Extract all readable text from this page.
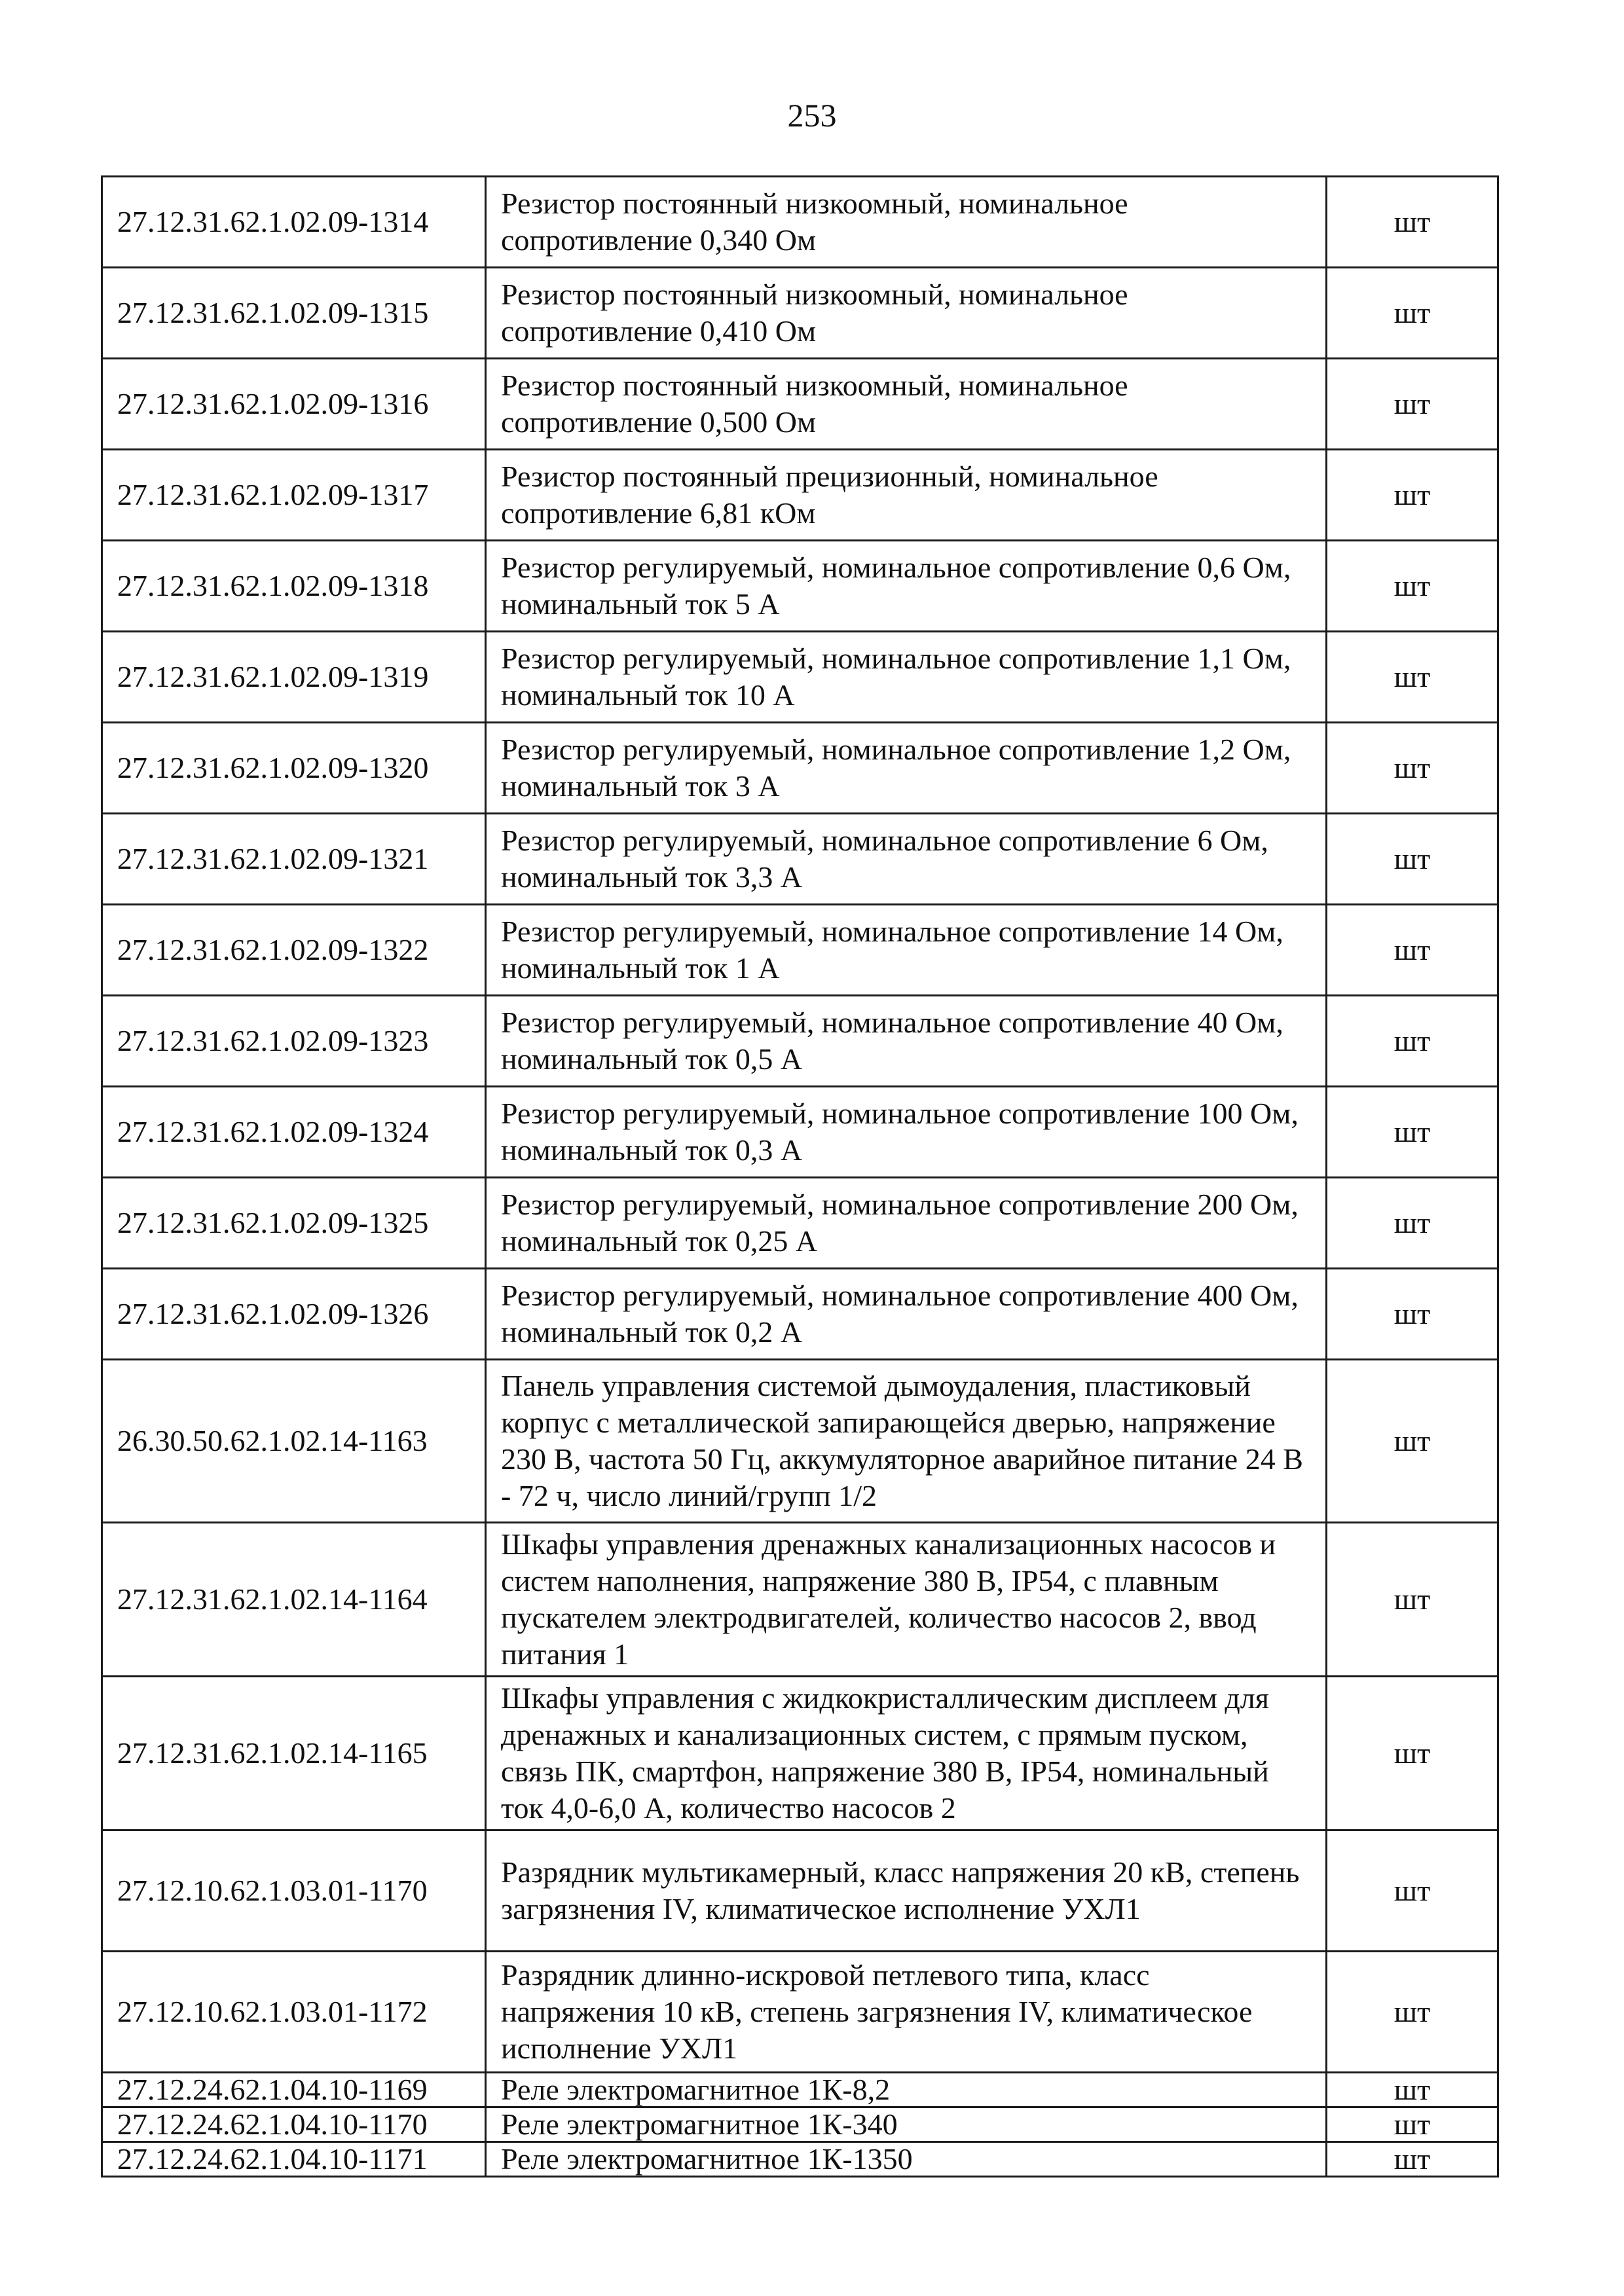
253
27.12.31.62.1.02.09-1314	Резистор постоянный низкоомный, номинальное сопротивление 0,340 Ом	шт
27.12.31.62.1.02.09-1315	Резистор постоянный низкоомный, номинальное сопротивление 0,410 Ом	шт
27.12.31.62.1.02.09-1316	Резистор постоянный низкоомный, номинальное сопротивление 0,500 Ом	шт
27.12.31.62.1.02.09-1317	Резистор постоянный прецизионный, номинальное сопротивление 6,81 кОм	шт
27.12.31.62.1.02.09-1318	Резистор регулируемый, номинальное сопротивление 0,6 Ом, номинальный ток 5 А	шт
27.12.31.62.1.02.09-1319	Резистор регулируемый, номинальное сопротивление 1,1 Ом, номинальный ток 10 А	шт
27.12.31.62.1.02.09-1320	Резистор регулируемый, номинальное сопротивление 1,2 Ом, номинальный ток 3 А	шт
27.12.31.62.1.02.09-1321	Резистор регулируемый, номинальное сопротивление 6 Ом, номинальный ток 3,3 А	шт
27.12.31.62.1.02.09-1322	Резистор регулируемый, номинальное сопротивление 14 Ом, номинальный ток 1 А	шт
27.12.31.62.1.02.09-1323	Резистор регулируемый, номинальное сопротивление 40 Ом, номинальный ток 0,5 А	шт
27.12.31.62.1.02.09-1324	Резистор регулируемый, номинальное сопротивление 100 Ом, номинальный ток 0,3 А	шт
27.12.31.62.1.02.09-1325	Резистор регулируемый, номинальное сопротивление 200 Ом, номинальный ток 0,25 А	шт
27.12.31.62.1.02.09-1326	Резистор регулируемый, номинальное сопротивление 400 Ом, номинальный ток 0,2 А	шт
26.30.50.62.1.02.14-1163	Панель управления системой дымоудаления, пластиковый корпус с металлической запирающейся дверью, напряжение 230 В, частота 50 Гц, аккумуляторное аварийное питание 24 В - 72 ч, число линий/групп 1/2	шт
27.12.31.62.1.02.14-1164	Шкафы управления дренажных канализационных насосов и систем наполнения, напряжение 380 В, IP54, с плавным пускателем электродвигателей, количество насосов 2, ввод питания 1	шт
27.12.31.62.1.02.14-1165	Шкафы управления с жидкокристаллическим дисплеем для дренажных и канализационных систем, с прямым пуском, связь ПК, смартфон, напряжение 380 В, IP54, номинальный ток 4,0-6,0 А, количество насосов 2	шт
27.12.10.62.1.03.01-1170	Разрядник мультикамерный, класс напряжения 20 кВ, степень загрязнения IV, климатическое исполнение УХЛ1	шт
27.12.10.62.1.03.01-1172	Разрядник длинно-искровой петлевого типа, класс напряжения 10 кВ, степень загрязнения IV, климатическое исполнение УХЛ1	шт
27.12.24.62.1.04.10-1169	Реле электромагнитное 1К-8,2	шт
27.12.24.62.1.04.10-1170	Реле электромагнитное 1К-340	шт
27.12.24.62.1.04.10-1171	Реле электромагнитное 1К-1350	шт
